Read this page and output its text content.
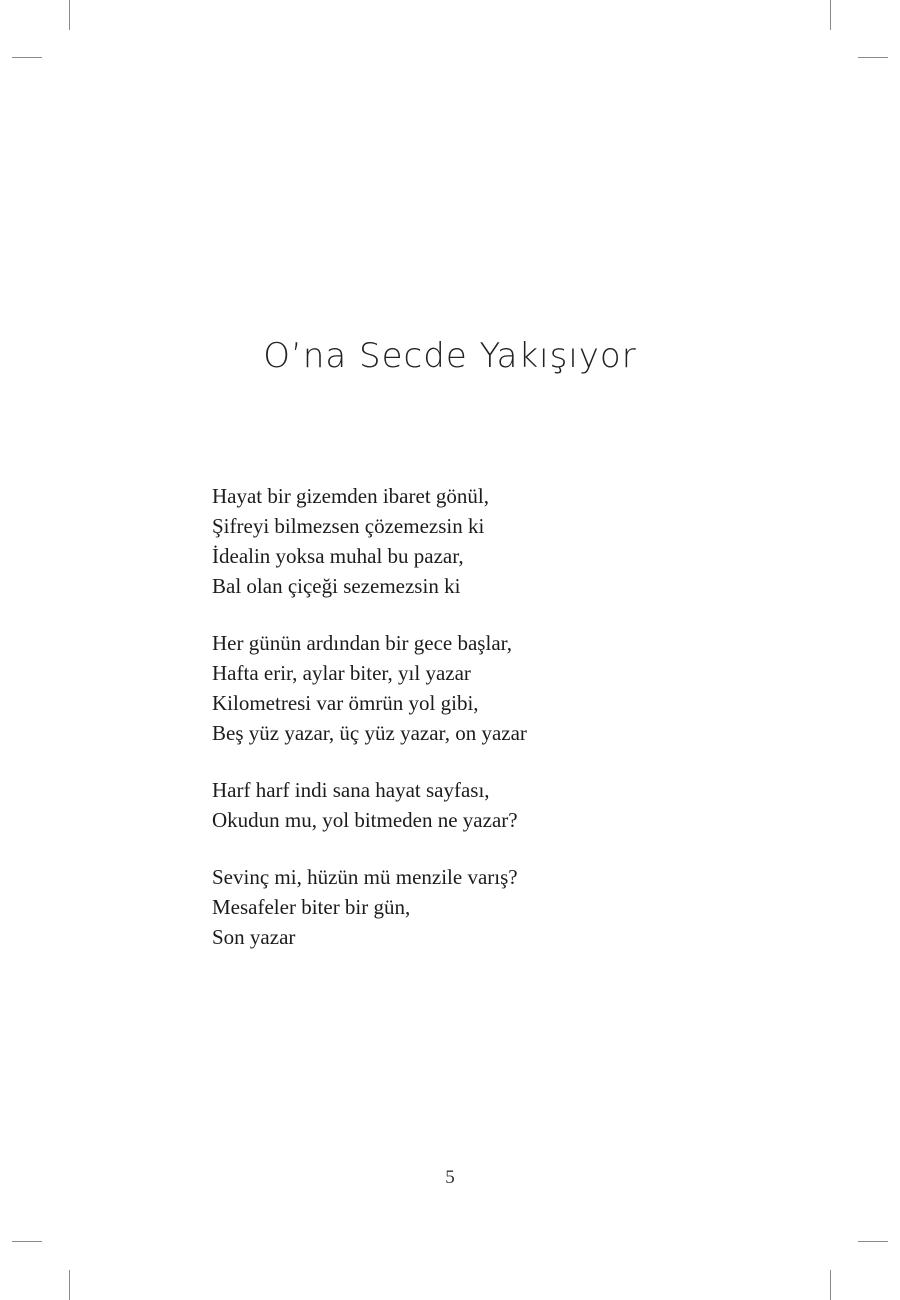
O’na Secde Yakışıyor
Hayat bir gizemden ibaret gönül,
Şifreyi bilmezsen çözemezsin ki
İdealin yoksa muhal bu pazar,
Bal olan çiçeği sezemezsin ki
Her günün ardından bir gece başlar,
Hafta erir, aylar biter, yıl yazar
Kilometresi var ömrün yol gibi,
Beş yüz yazar, üç yüz yazar, on yazar
Harf harf indi sana hayat sayfası,
Okudun mu, yol bitmeden ne yazar?
Sevinç mi, hüzün mü menzile varış?
Mesafeler biter bir gün,
Son yazar
5
